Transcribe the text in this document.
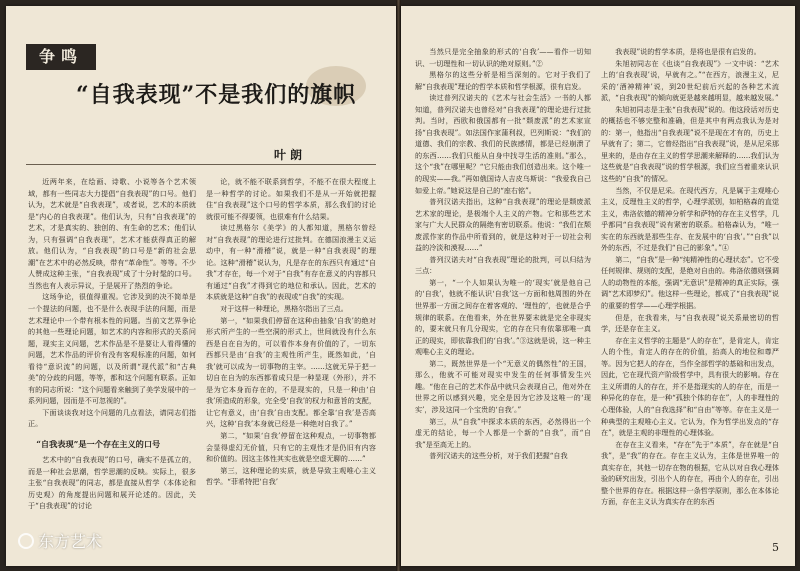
争鸣
“自我表现”不是我们的旗帜
叶朗

近两年来，在绘画、诗歌、小说等各个艺术领域，都有一些同志大力提倡“自我表现”的口号。他们认为，艺术就是“自我表现”，或者说，艺术的本质就是“内心的自我表现”。他们认为，只有“自我表现”的艺术，才是真实的、独创的、有生命的艺术；他们认为，只有强调“自我表现”，艺术才能获得真正的解放。他们认为，“自我表现”的口号是“新的社会思潮”在艺术中的必然反映，带有“革命性”。等等。不少人赞成这种主张，“自我表现”成了十分时髦的口号。当然也有人表示异议，于是展开了热烈的争论。

这场争论，很值得重视。它涉及到的决不简单是一个提法的问题，也不是什么表现手法的问题，而是艺术理论中一个带有根本性的问题。当前文艺界争论的其他一些理论问题，如艺术的内容和形式的关系问题，现实主义问题，艺术作品是不是要让人看得懂的问题，艺术作品的评价有没有客观标准的问题，如何看待“意识流”的问题，以及所谓“现代派”和“古典美”的分歧的问题，等等，都和这个问题有联系。正如有的同志所说：“这个问题看来触到了美学发展中的一系列问题，因而是不可忽视的”。

下面谈谈我对这个问题的几点看法，请同志们指正。

“自我表现”是一个存在主义的口号

艺术中的“自我表现”的口号，确实不是孤立的，而是一种社会思潮，哲学思潮的反映。实际上，很多主张“自我表现”的同志，都是直接从哲学（本体论和历史观）的角度提出问题和展开论述的。因此，关于“自我表现”的讨论

论，就不能不联系到哲学，不能不在很大程度上是一种哲学的讨论。如果我们不是从一开始就把握住“自我表现”这个口号的哲学本质，那么我们的讨论就很可能不得要领，也很难有什么结果。

读过黑格尔《美学》的人都知道，黑格尔曾经对“自我表现”的理论进行过批判。在德国浪漫主义运动中，有一种“滑稽”说，就是一种“自我表现”的理论。这种“滑稽”说认为，凡是存在的东西只有通过“自我”才存在，每一个对于“自我”有存在意义的内容都只有通过“自我”才得到它的地位和承认。因此，艺术的本质就是这种“自我”的表现或“自我”的实现。

对于这样一种理论，黑格尔指出了三点。

第一，“如果我们停留在这种由抽象‘自我’的绝对形式所产生的一些空洞的形式上，世间就没有什么东西是自在自为的，可以看作本身有价值的了，一切东西都只是由‘自我’的主观性所产生，既然如此，‘自我’就可以成为一切事物的主宰。……这就无异于把一切自在自为的东西都看成只是一种显现（外形），并不是为它本身而存在的，不是现实的，只是一种由‘自我’所造成的形象，完全受‘自我’的权力和意旨的支配，让它有意义，由‘自我’自由支配。都全靠‘自我’是否高兴，这种‘自我’本身就已经是一种绝对自我了。”

第二，“如果‘自我’停留在这种观点，一切事物都会显得虚幻无价值，只有它的主观性才是仍旧有内容和价值的。因这主体性其实也就是空虚无聊的……”

第三，这种理论的实质，就是导致主观唯心主义哲学。“菲希特把‘自我’

东方艺术

当然只是完全抽象的形式的‘自我’——看作一切知识、一切理性和一切认识的绝对原则。”②

黑格尔的这些分析是相当深刻的。它对于我们了解“自我表现”理论的哲学本质和哲学根源，很有启发。

读过普列汉诺夫的《艺术与社会生活》一书的人都知道，普列汉诺夫也曾经对“自我表现”的理论进行过批判。当时，西欧和俄国都有一批“颓废派”的艺术家宣扬“自我表现”。如法国作家蒲利叔，巴列斯说：“我们的道德、我们的宗教、我们的民族感情，都是已经崩溃了的东西……我们只能从自身中找寻生活的准则。”那么，这个“我”在哪里呢？“它只能由我们创造出来。这个唯一的现实——我。”再如俄国诗人吉皮乌斯说：“我爱我自己如爱上帝。”她说这是自己的“座右铭”。

普列汉诺夫指出，这种“自我表现”的理论是颓废派艺术家的理论，是极端个人主义的产物。它和那些艺术家与广大人民群众的隔绝有密切联系。他说：“我们在颓废派作家的作品中所看到的，就是这种对于一切社会利益的冷淡和漠视……”

普列汉诺夫对“自我表现”理论的批判，可以归结为三点：

第一，“一个人如果认为唯一的‘现实’就是他自己的‘自我’，他就不能认识‘自我’这一方面和他周围的外在世界那一方面之间存在着客观的、‘理性的’，也就是合乎规律的联系。在他看来，外在世界要末就是完全非现实的，要末就只有几分现实，它的存在只有依靠那唯一真正的现实，即依靠我们的‘自我’。”③这就是说，这一种主观唯心主义的理论。

第二，既然世界是一个“无意义的偶然性”的王国，那么，他就不可能对现实中发生的任何事情发生兴趣。“他在自己的艺术作品中就只会表现自己，他对外在世界之所以感到兴趣，完全是因为它涉及这唯一的‘现实’，涉及这同一个宝贵的‘自我’。”

第三，从“自我”中探求本质的东西，必然得出一个虚无的结论，每一个人都是一个新的“自我”，而“自我”是至高无上的。

普列汉诺夫的这些分析，对于我们把握“自我

我表现”说的哲学本质，是将也是很有启发的。

朱旭初同志在《也谈“自我表现”》一文中说：“艺术上的‘自我表现’说，早就有之。”“在西方，浪漫主义，尼采的‘酒神精神’说，到20世纪前后兴起的各种艺术流派，“自我表现”的倾向就更是越来越明显，越来越发展。”

朱旭初同志是主张“自我表现”说的。他这段话对历史的概括也不够完整和准确，但是其中有两点我认为是对的：第一，他指出“自我表现”说不是现在才有的，历史上早就有了；第二，它曾经指出“自我表现”说，是从尼采那里来的，是由存在主义的哲学思潮来解释的……我们认为这些就是“自我表现”说的哲学根源，我们应当着重来认识这些的“自我”的情况。

当然，不仅是尼采。在现代西方，凡是属于主观唯心主义，反理性主义的哲学，心理学派别，如柏格森的直觉主义，弗洛依德的精神分析学和萨特的存在主义哲学，几乎都同“自我表现”说有紧密的联系。柏格森认为，“唯一实在的东西就是那些生存、在发展中的‘自我’。”“自我”以外的东西，不过是我们“自己的影象”。”④

第二，“自我”是一种“纯精神性的心理状态”。它不受任何规律、规则的支配，是绝对自由的。弗洛依德则强调人的动物性的本能，强调“无意识”是精神的真正实际，强调“艺术即梦幻”。他这样一些理论，都成了“自我表现”说的重要的哲学——心理学根据。

但是，在我看来，与“自我表现”说关系最密切的哲学，还是存在主义。

存在主义哲学的主题是“人的存在”，是肯定人，肯定人的个性，肯定人的存在的价值，抬高人的地位和尊严等。因为它把人的存在，当作全部哲学的基础和出发点，因此，它在现代资产阶级哲学中，具有很大的影响。存在主义所谓的人的存在，并不是指现实的人的存在，而是一种异化的存在，是一种“孤独个体的存在”，人的非理性的心理体验，人的“自我选择”和“自由”等等。存在主义是一种典型的主观唯心主义。它认为，作为哲学出发点的“存在”，就是主观的非理性的心理体验。

在存在主义看来，“存在”先于“本质”，存在就是“自我”，是“我”的存在。存在主义认为，主体是世界唯一的真实存在，其他一切存在物的根据，它从以对自我心理体验的研究出发，引出个人的存在，再由个人的存在，引出整个世界的存在。根据这样一条哲学原则，那么在本体论方面，存在主义认为真实存在的东西

5
